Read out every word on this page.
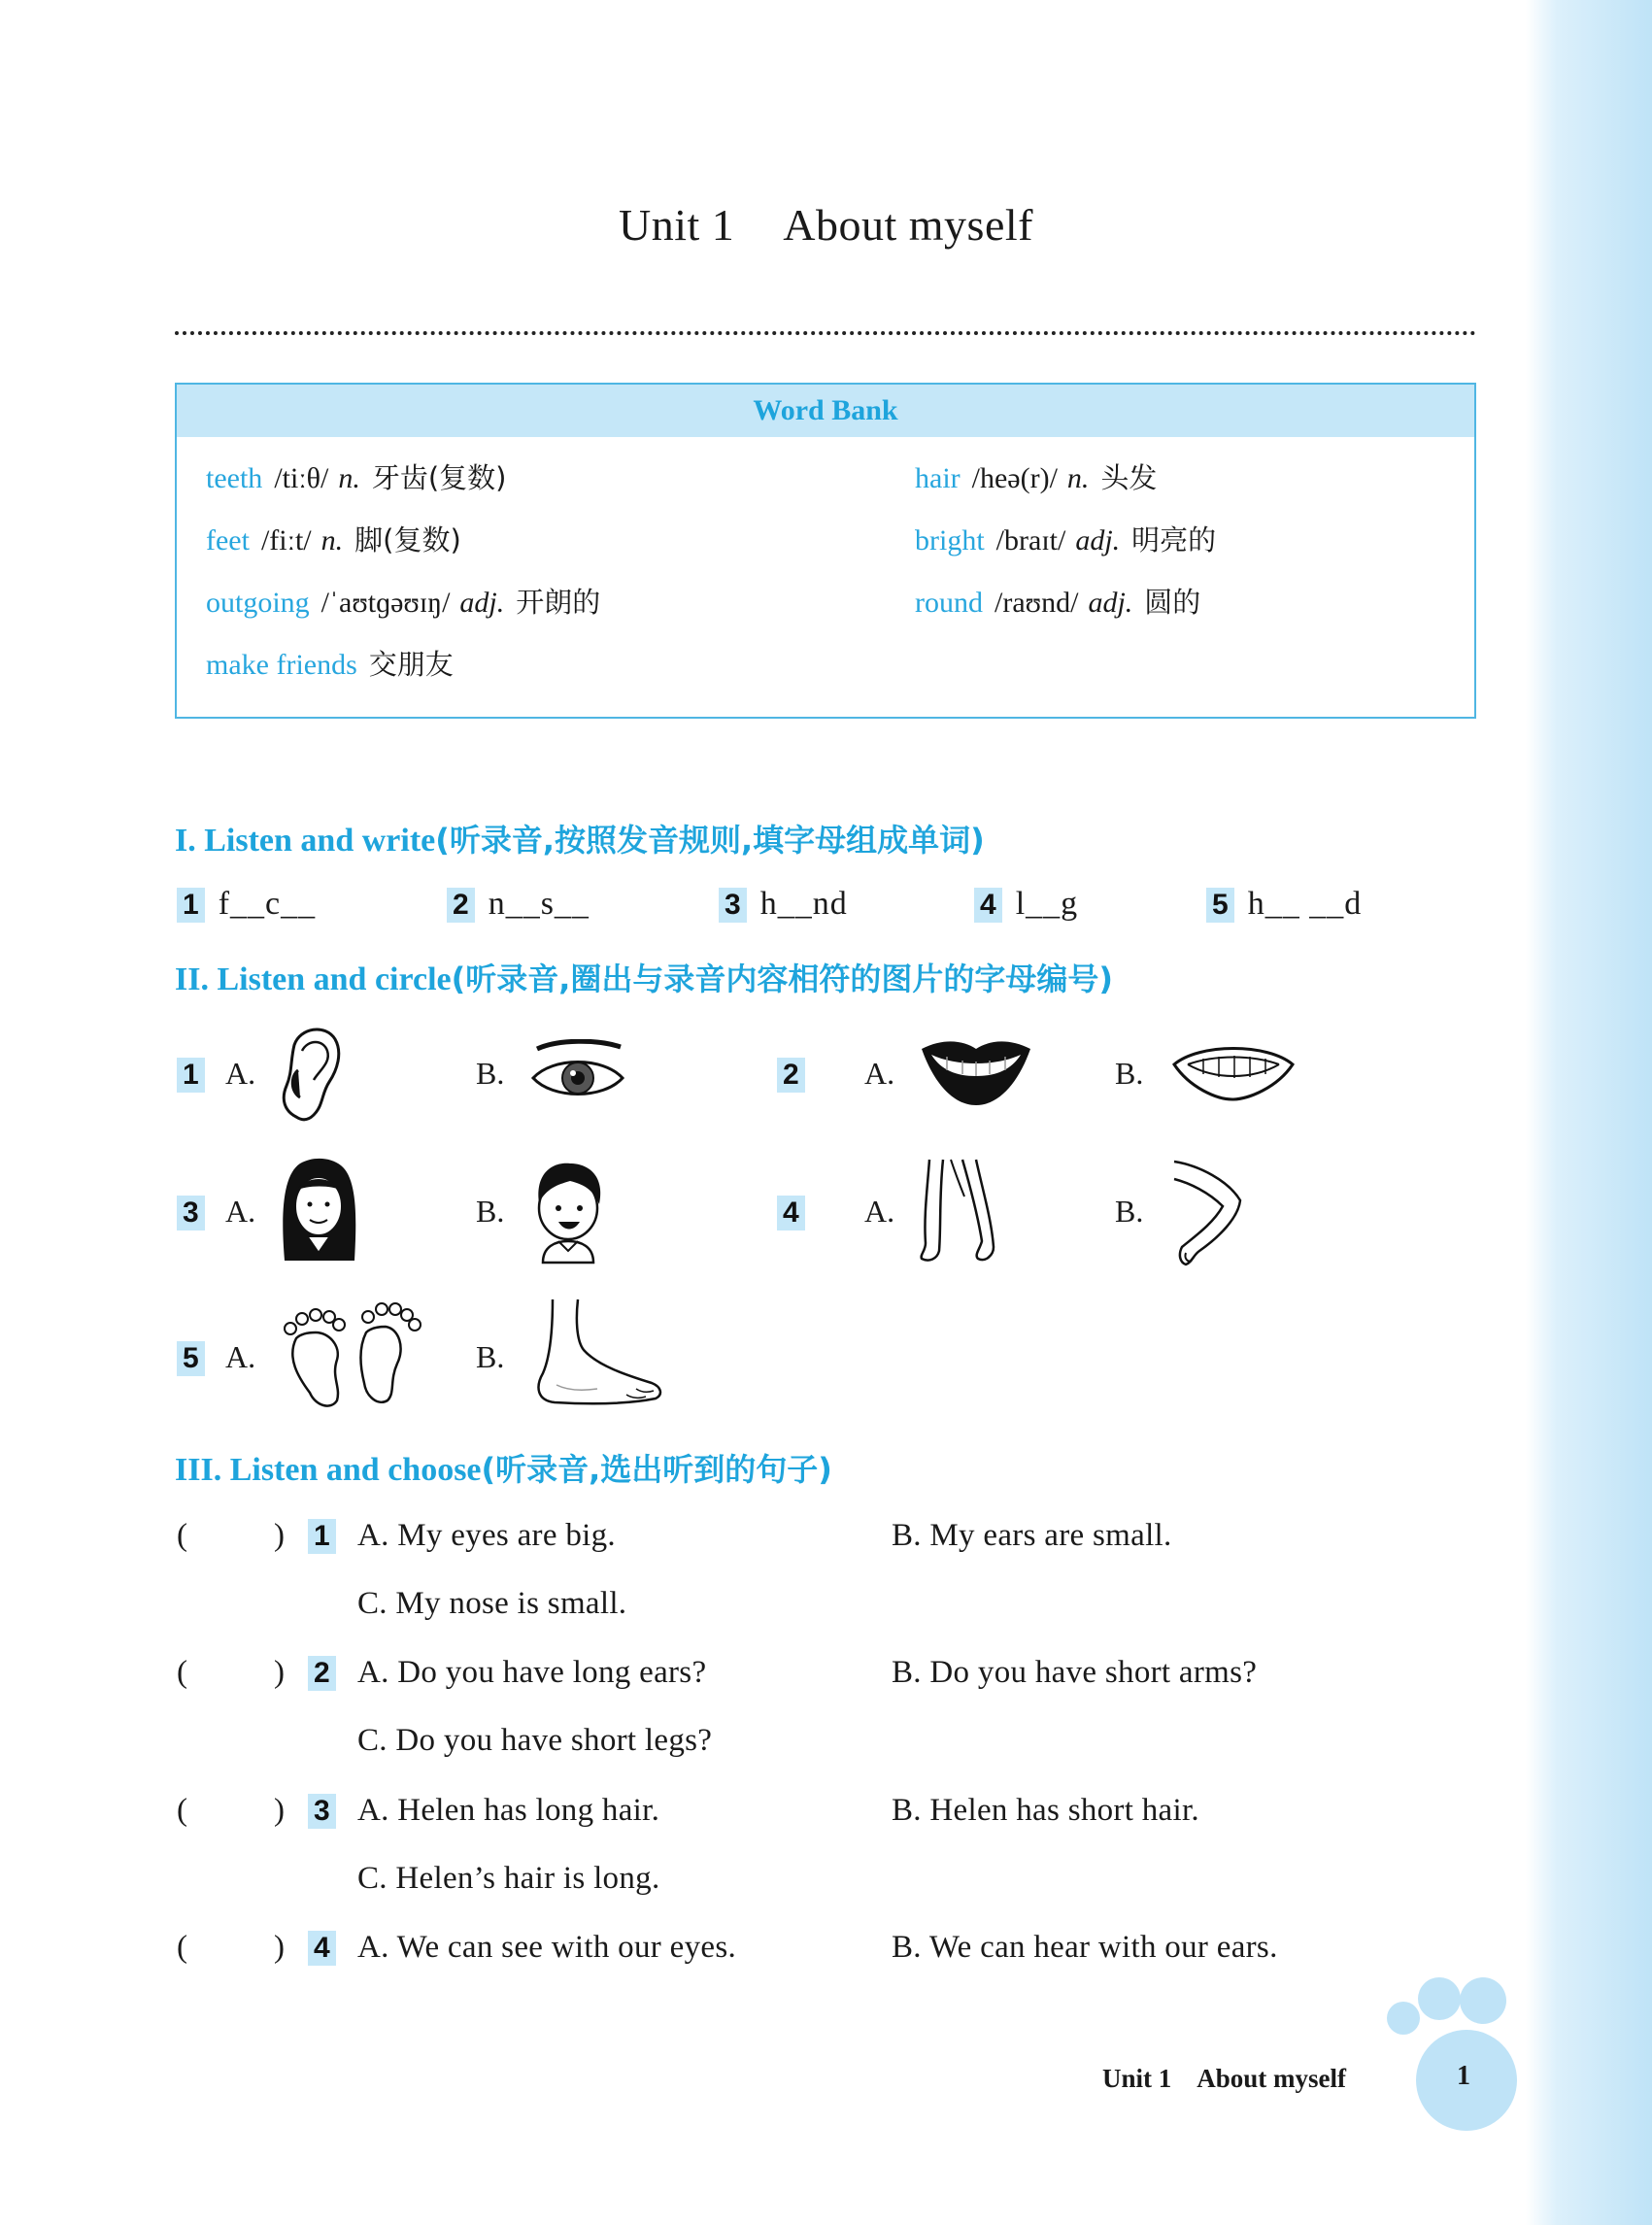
Unit 1 About myself
Word Bank
teeth /tiːθ/ n. 牙齿(复数)	hair /heə(r)/ n. 头发
feet /fiːt/ n. 脚(复数)	bright /braɪt/ adj. 明亮的
outgoing /ˈaʊtɡəʊɪŋ/ adj. 开朗的	round /raʊnd/ adj. 圆的
make friends 交朋友
I. Listen and write(听录音,按照发音规则,填字母组成单词)
1 f__c__	2 n__s__	3 h__nd	4 l__g	5 h__ __d
II. Listen and circle(听录音,圈出与录音内容相符的图片的字母编号)
1 A.	B.	2 A.	B.
3 A.	B.	4 A.	B.
5 A.	B.
III. Listen and choose(听录音,选出听到的句子)
(	) 1 A. My eyes are big.	B. My ears are small.
C. My nose is small.
(	) 2 A. Do you have long ears?	B. Do you have short arms?
C. Do you have short legs?
(	) 3 A. Helen has long hair.	B. Helen has short hair.
C. Helen’s hair is long.
(	) 4 A. We can see with our eyes.	B. We can hear with our ears.
Unit 1 About myself	1
